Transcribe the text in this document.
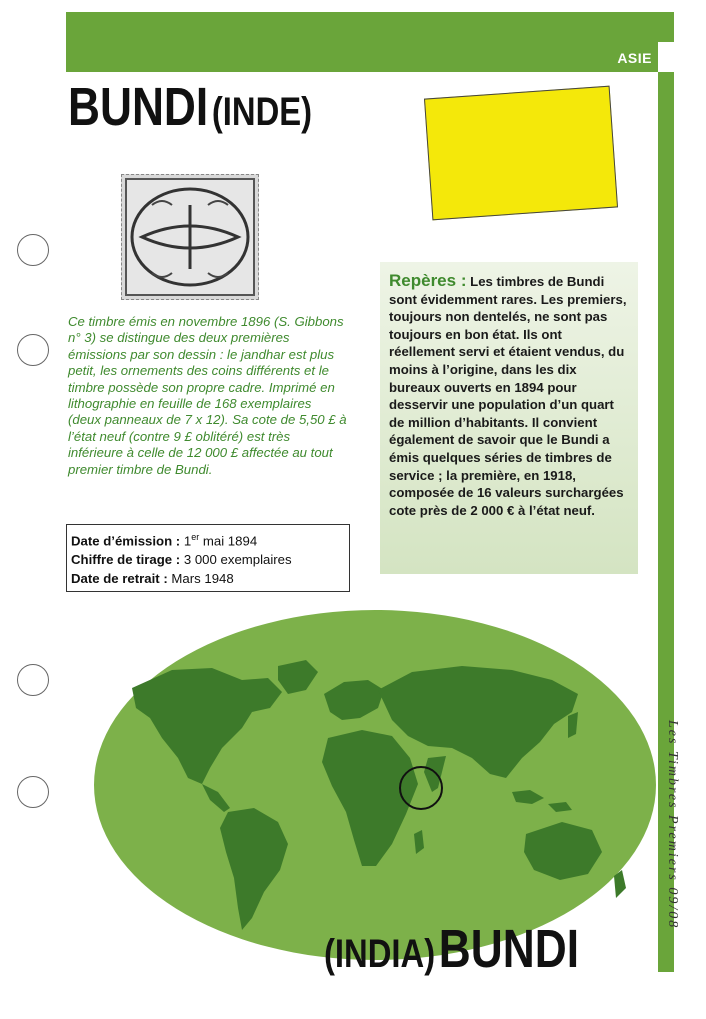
ASIE
BUNDI (INDE)
Ce timbre émis en novembre 1896 (S. Gibbons n° 3) se distingue des deux premières émissions par son dessin : le jandhar est plus petit, les ornements des coins différents et le timbre possède son propre cadre. Imprimé en lithographie en feuille de 168 exemplaires (deux panneaux de 7 x 12). Sa cote de 5,50 £ à l’état neuf (contre 9 £ oblitéré) est très inférieure à celle de 12 000 £ affectée au tout premier timbre de Bundi.
Date d’émission : 1er mai 1894
Chiffre de tirage : 3 000 exemplaires
Date de retrait : Mars 1948
Repères : Les timbres de Bundi sont évidemment rares. Les premiers, toujours non dentelés, ne sont pas toujours en bon état. Ils ont réellement servi et étaient vendus, du moins à l’origine, dans les dix bureaux ouverts en 1894 pour desservir une population d’un quart de million d’habitants. Il convient également de savoir que le Bundi a émis quelques séries de timbres de service ; la première, en 1918, composée de 16 valeurs surchargées cote près de 2 000 € à l’état neuf.
Les Timbres Premiers 09/08
(INDIA) BUNDI
